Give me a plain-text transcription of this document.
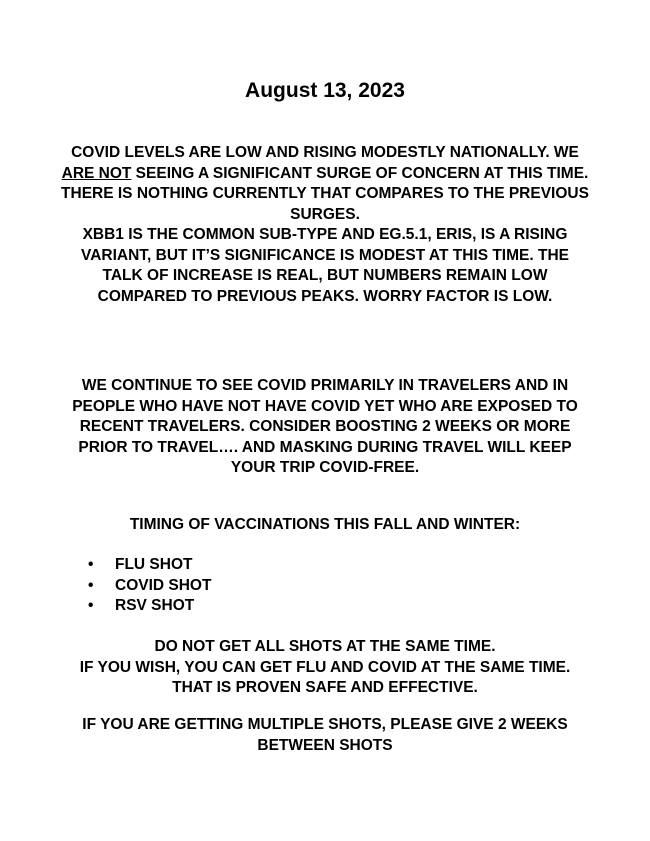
August 13, 2023
COVID LEVELS ARE LOW AND RISING MODESTLY NATIONALLY. WE ARE NOT SEEING A SIGNIFICANT SURGE OF CONCERN AT THIS TIME. THERE IS NOTHING CURRENTLY THAT COMPARES TO THE PREVIOUS SURGES.
XBB1 IS THE COMMON SUB-TYPE AND EG.5.1, ERIS, IS A RISING VARIANT, BUT IT’S SIGNIFICANCE IS MODEST AT THIS TIME. THE TALK OF INCREASE IS REAL, BUT NUMBERS REMAIN LOW COMPARED TO PREVIOUS PEAKS. WORRY FACTOR IS LOW.
WE CONTINUE TO SEE COVID PRIMARILY IN TRAVELERS AND IN PEOPLE WHO HAVE NOT HAVE COVID YET WHO ARE EXPOSED TO RECENT TRAVELERS. CONSIDER BOOSTING 2 WEEKS OR MORE PRIOR TO TRAVEL…. AND MASKING DURING TRAVEL WILL KEEP YOUR TRIP COVID-FREE.
TIMING OF VACCINATIONS THIS FALL AND WINTER:
• FLU SHOT
• COVID SHOT
• RSV SHOT
DO NOT GET ALL SHOTS AT THE SAME TIME.
IF YOU WISH, YOU CAN GET FLU AND COVID AT THE SAME TIME. THAT IS PROVEN SAFE AND EFFECTIVE.
IF YOU ARE GETTING MULTIPLE SHOTS, PLEASE GIVE 2 WEEKS BETWEEN SHOTS
